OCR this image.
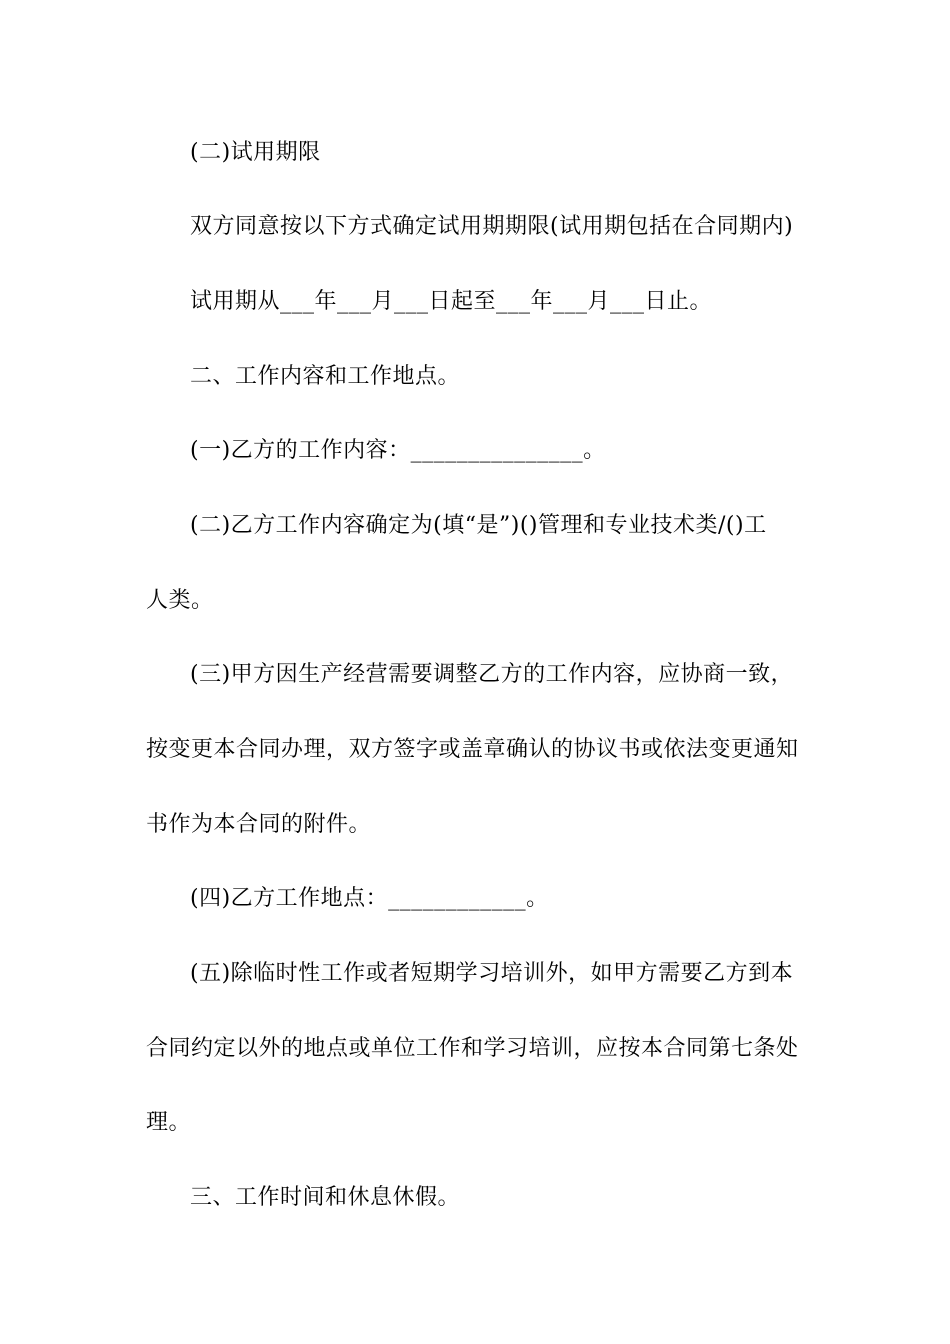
(二)试用期限
双方同意按以下方式确定试用期期限(试用期包括在合同期内)
试用期从___年___月___日起至___年___月___日止。
二、工作内容和工作地点。
(一)乙方的工作内容：_______________。
(二)乙方工作内容确定为(填“是”)()管理和专业技术类/()工
人类。
(三)甲方因生产经营需要调整乙方的工作内容，应协商一致，
按变更本合同办理，双方签字或盖章确认的协议书或依法变更通知
书作为本合同的附件。
(四)乙方工作地点：____________。
(五)除临时性工作或者短期学习培训外，如甲方需要乙方到本
合同约定以外的地点或单位工作和学习培训，应按本合同第七条处
理。
三、工作时间和休息休假。
